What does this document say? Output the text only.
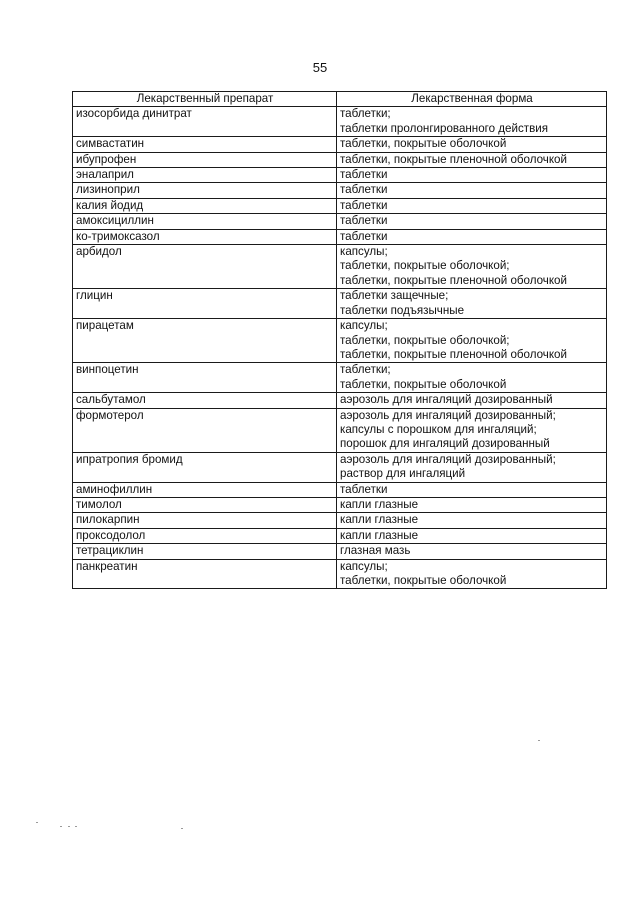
55
Лекарственный препарат	Лекарственная форма
изосорбида динитрат	таблетки;
таблетки пролонгированного действия

симвастатин	таблетки, покрытые оболочкой

ибупрофен	таблетки, покрытые пленочной оболочкой

эналаприл	таблетки

лизиноприл	таблетки

калия йодид	таблетки

амоксициллин	таблетки

ко-тримоксазол	таблетки

арбидол	капсулы;
таблетки, покрытые оболочкой;
таблетки, покрытые пленочной оболочкой

глицин	таблетки защечные;
таблетки подъязычные

пирацетам	капсулы;
таблетки, покрытые оболочкой;
таблетки, покрытые пленочной оболочкой

винпоцетин	таблетки;
таблетки, покрытые оболочкой

сальбутамол	аэрозоль для ингаляций дозированный

формотерол	аэрозоль для ингаляций дозированный;
капсулы с порошком для ингаляций;
порошок для ингаляций дозированный

ипратропия бромид	аэрозоль для ингаляций дозированный;
раствор для ингаляций

аминофиллин	таблетки

тимолол	капли глазные

пилокарпин	капли глазные

проксодолол	капли глазные

тетрациклин	глазная мазь

панкреатин	капсулы;
таблетки, покрытые оболочкой
